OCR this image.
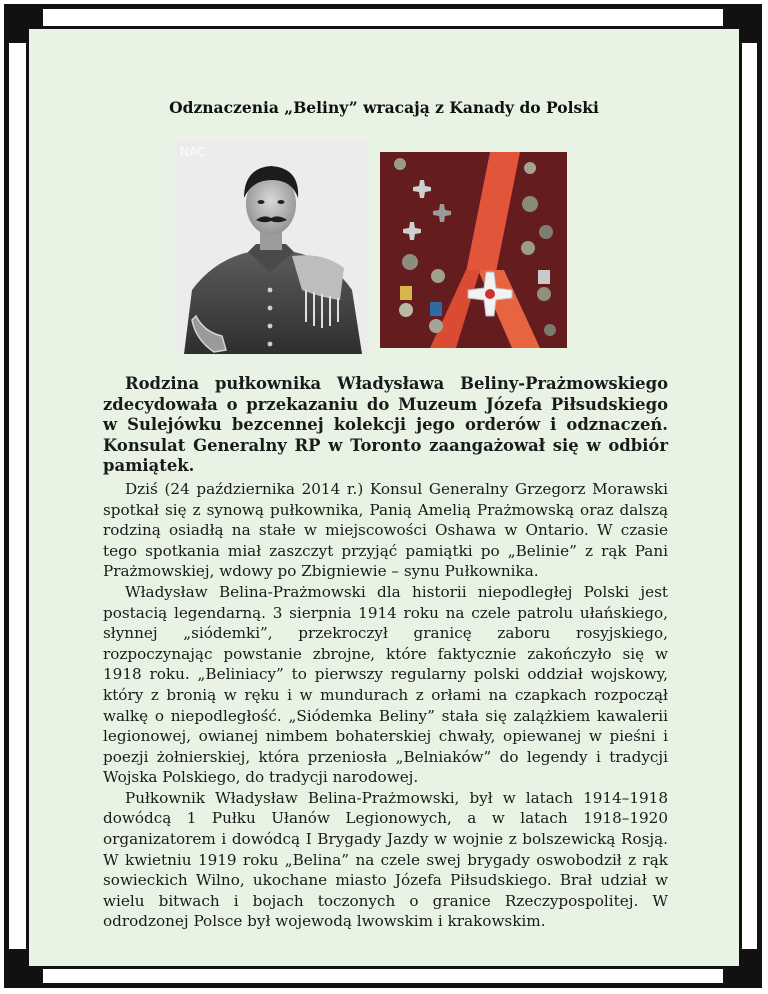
Odznaczenia „Beliny” wracają z Kanady do Polski
NAC

Rodzina pułkownika Władysława Beliny-Prażmowskiego zdecydowała o przekazaniu do Muzeum Józefa Piłsudskiego w Sulejówku bezcennej kolekcji jego orderów i odznaczeń. Konsulat Generalny RP w Toronto zaangażował się w odbiór pamiątek.

Dziś (24 października 2014 r.) Konsul Generalny Grzegorz Morawski spotkał się z synową pułkownika, Panią Amelią Prażmowską oraz dalszą rodziną osiadłą na stałe w miejscowości Oshawa w Ontario. W czasie tego spotkania miał zaszczyt przyjąć pamiątki po „Belinie” z rąk Pani Prażmowskiej, wdowy po Zbigniewie – synu Pułkownika.

Władysław Belina-Prażmowski dla historii niepodległej Polski jest postacią legendarną. 3 sierpnia 1914 roku na czele patrolu ułańskiego, słynnej „siódemki”, przekroczył granicę zaboru rosyjskiego, rozpoczynając powstanie zbrojne, które faktycznie zakończyło się w 1918 roku. „Beliniacy” to pierwszy regularny polski oddział wojskowy, który z bronią w ręku i w mundurach z orłami na czapkach rozpoczął walkę o niepodległość. „Siódemka Beliny” stała się zalążkiem kawalerii legionowej, owianej nimbem bohaterskiej chwały, opiewanej w pieśni i poezji żołnierskiej, która przeniosła „Belniaków” do legendy i tradycji Wojska Polskiego, do tradycji narodowej.

Pułkownik Władysław Belina-Prażmowski, był w latach 1914–1918 dowódcą 1 Pułku Ułanów Legionowych, a w latach 1918–1920 organizatorem i dowódcą I Brygady Jazdy w wojnie z bolszewicką Rosją. W kwietniu 1919 roku „Belina” na czele swej brygady oswobodził z rąk sowieckich Wilno, ukochane miasto Józefa Piłsudskiego. Brał udział w wielu bitwach i bojach toczonych o granice Rzeczypospolitej. W odrodzonej Polsce był wojewodą lwowskim i krakowskim.
